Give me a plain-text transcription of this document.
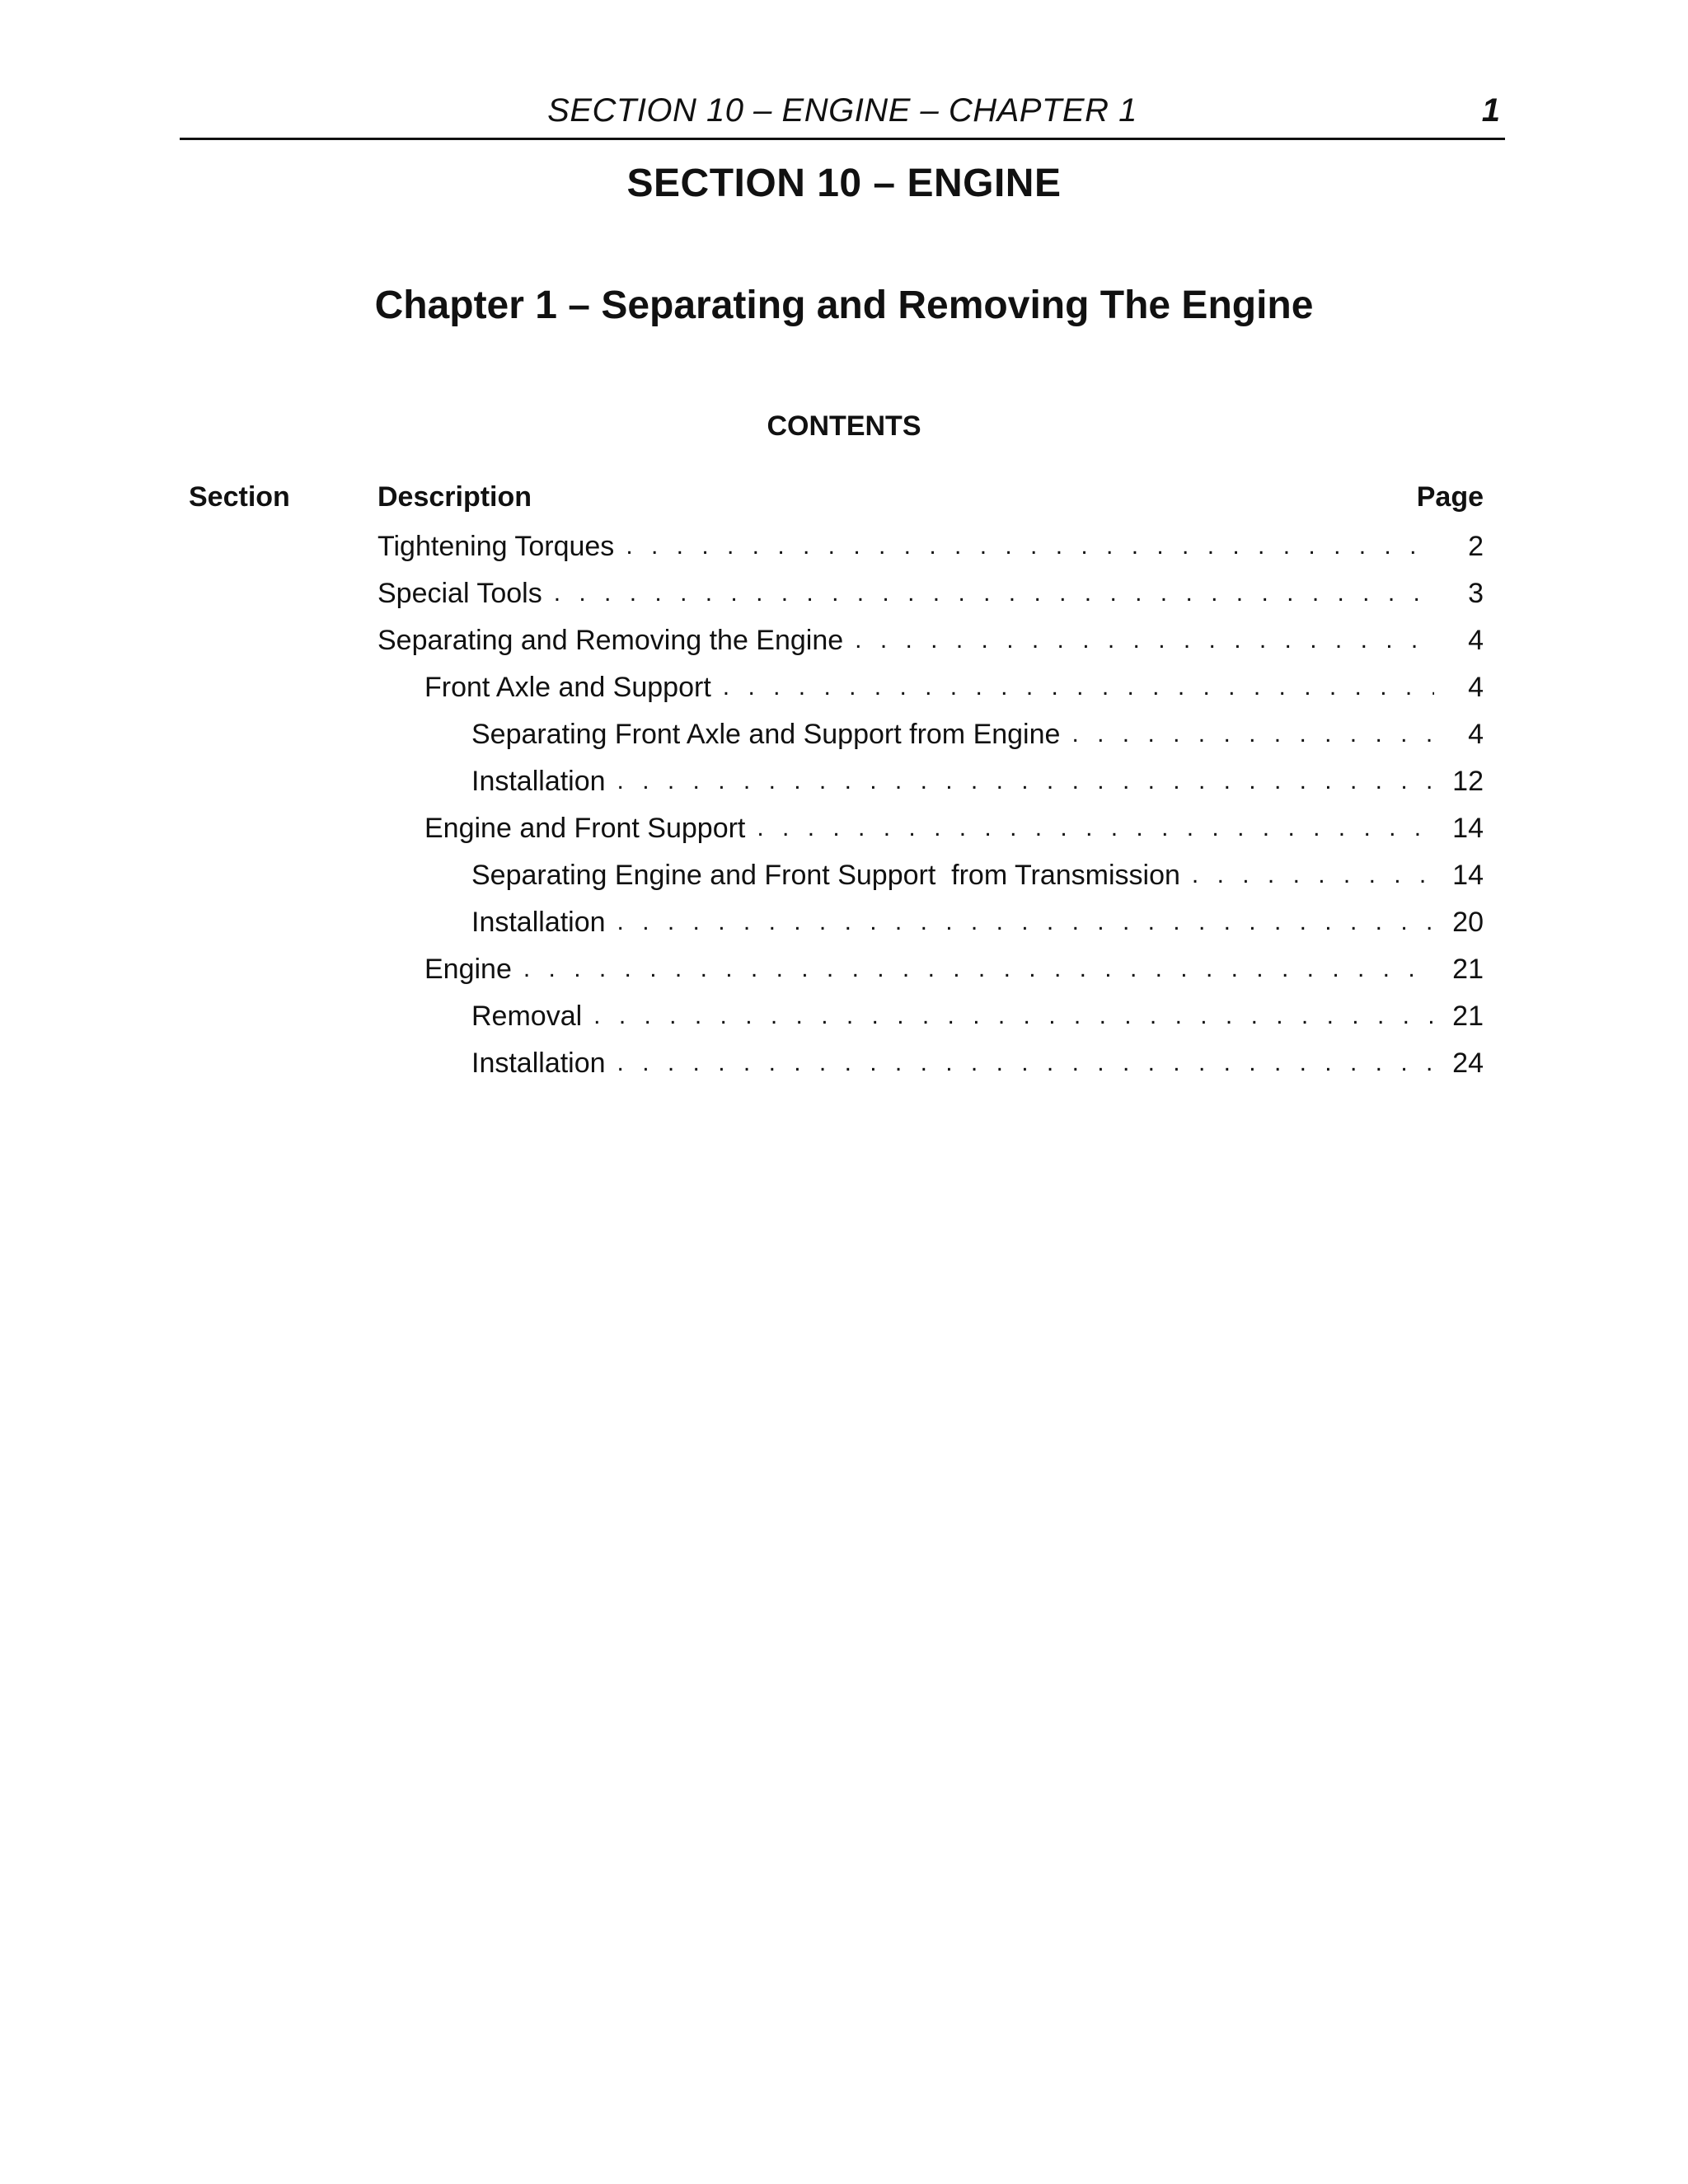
SECTION 10 – ENGINE – CHAPTER 1	1
SECTION 10 – ENGINE
Chapter 1 – Separating and Removing The Engine
CONTENTS
Section	Description	Page
Tightening Torques . . .	2
Special Tools . . .	3
Separating and Removing the Engine . . .	4
Front Axle and Support . . .	4
Separating Front Axle and Support from Engine . . .	4
Installation . . .	12
Engine and Front Support . . .	14
Separating Engine and Front Support  from Transmission . . .	14
Installation . . .	20
Engine . . .	21
Removal . . .	21
Installation . . .	24
